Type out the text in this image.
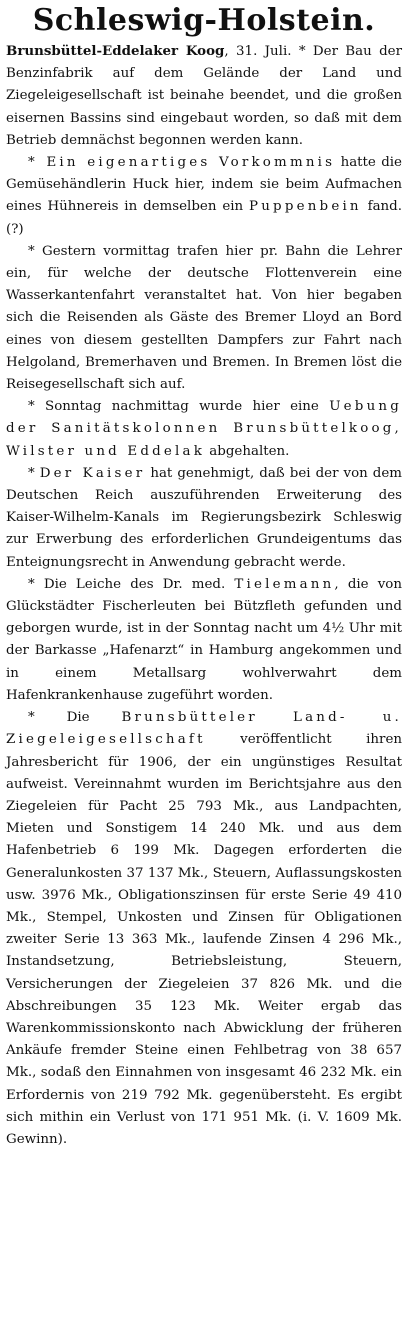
Schleswig-Holstein.

Brunsbüttel-Eddelaker Koog, 31. Juli. * Der Bau der Benzinfabrik auf dem Gelände der Land und Ziegeleigesellschaft ist beinahe beendet, und die großen eisernen Bassins sind eingebaut worden, so daß mit dem Betrieb demnächst begonnen werden kann.

* Ein eigenartiges Vorkommnis hatte die Gemüsehändlerin Huck hier, indem sie beim Aufmachen eines Hühnereis in demselben ein Puppenbein fand. (?)

* Gestern vormittag trafen hier pr. Bahn die Lehrer ein, für welche der deutsche Flottenverein eine Wasserkantenfahrt veranstaltet hat. Von hier begaben sich die Reisenden als Gäste des Bremer Lloyd an Bord eines von diesem gestellten Dampfers zur Fahrt nach Helgoland, Bremerhaven und Bremen. In Bremen löst die Reisegesellschaft sich auf.

* Sonntag nachmittag wurde hier eine Uebung der Sanitätskolonnen Brunsbüttelkoog, Wilster und Eddelak abgehalten.

* Der Kaiser hat genehmigt, daß bei der von dem Deutschen Reich auszuführenden Erweiterung des Kaiser-Wilhelm-Kanals im Regierungsbezirk Schleswig zur Erwerbung des erforderlichen Grundeigentums das Enteignungsrecht in Anwendung gebracht werde.

* Die Leiche des Dr. med. Tielemann, die von Glückstädter Fischerleuten bei Bützfleth gefunden und geborgen wurde, ist in der Sonntag nacht um 4½ Uhr mit der Barkasse „Hafenarzt“ in Hamburg angekommen und in einem Metallsarg wohlverwahrt dem Hafenkrankenhause zugeführt worden.

* Die Brunsbütteler Land- u. Ziegeleigesellschaft veröffentlicht ihren Jahresbericht für 1906, der ein ungünstiges Resultat aufweist. Vereinnahmt wurden im Berichtsjahre aus den Ziegeleien für Pacht 25 793 Mk., aus Landpachten, Mieten und Sonstigem 14 240 Mk. und aus dem Hafenbetrieb 6 199 Mk. Dagegen erforderten die Generalunkosten 37 137 Mk., Steuern, Auflassungskosten usw. 3976 Mk., Obligationszinsen für erste Serie 49 410 Mk., Stempel, Unkosten und Zinsen für Obligationen zweiter Serie 13 363 Mk., laufende Zinsen 4 296 Mk., Instandsetzung, Betriebsleistung, Steuern, Versicherungen der Ziegeleien 37 826 Mk. und die Abschreibungen 35 123 Mk. Weiter ergab das Warenkommissionskonto nach Abwicklung der früheren Ankäufe fremder Steine einen Fehlbetrag von 38 657 Mk., sodaß den Einnahmen von insgesamt 46 232 Mk. ein Erfordernis von 219 792 Mk. gegenübersteht. Es ergibt sich mithin ein Verlust von 171 951 Mk. (i. V. 1609 Mk. Gewinn).
